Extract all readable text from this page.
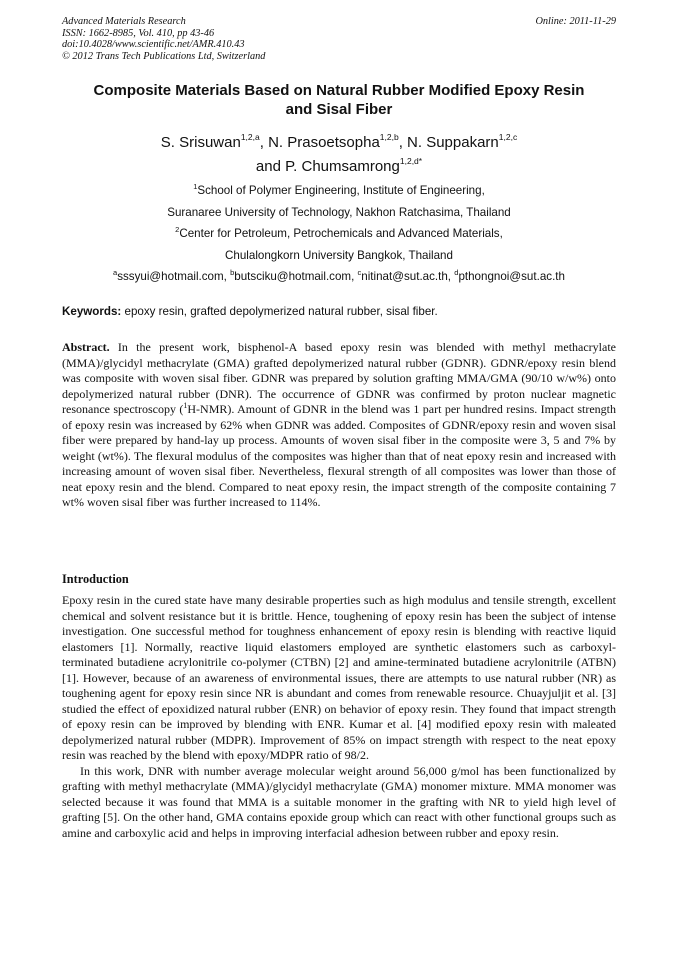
Advanced Materials Research
ISSN: 1662-8985, Vol. 410, pp 43-46
doi:10.4028/www.scientific.net/AMR.410.43
© 2012 Trans Tech Publications Ltd, Switzerland
Online: 2011-11-29
Composite Materials Based on Natural Rubber Modified Epoxy Resin
and Sisal Fiber
S. Srisuwan$^{1,2,a}$, N. Prasoetsopha$^{1,2,b}$, N. Suppakarn$^{1,2,c}$
and P. Chumsamrong$^{1,2,d*}$
$^1$School of Polymer Engineering, Institute of Engineering,
Suranaree University of Technology, Nakhon Ratchasima, Thailand
$^2$Center for Petroleum, Petrochemicals and Advanced Materials,
Chulalongkorn University Bangkok, Thailand
$^a$sssyui@hotmail.com, $^b$butsciku@hotmail.com, $^c$nitinat@sut.ac.th, $^d$pthongnoi@sut.ac.th
Keywords: epoxy resin, grafted depolymerized natural rubber, sisal fiber.
Abstract. In the present work, bisphenol-A based epoxy resin was blended with methyl methacrylate (MMA)/glycidyl methacrylate (GMA) grafted depolymerized natural rubber (GDNR). GDNR/epoxy resin blend was composite with woven sisal fiber. GDNR was prepared by solution grafting MMA/GMA (90/10 w/w%) onto depolymerized natural rubber (DNR). The occurrence of GDNR was confirmed by proton nuclear magnetic resonance spectroscopy ($^1$H-NMR). Amount of GDNR in the blend was 1 part per hundred resins. Impact strength of epoxy resin was increased by 62% when GDNR was added. Composites of GDNR/epoxy resin and woven sisal fiber were prepared by hand-lay up process. Amounts of woven sisal fiber in the composite were 3, 5 and 7% by weight (wt%). The flexural modulus of the composites was higher than that of neat epoxy resin and increased with increasing amount of woven sisal fiber. Nevertheless, flexural strength of all composites was lower than those of neat epoxy resin and the blend. Compared to neat epoxy resin, the impact strength of the composite containing 7 wt% woven sisal fiber was further increased to 114%.
Introduction

Epoxy resin in the cured state have many desirable properties such as high modulus and tensile strength, excellent chemical and solvent resistance but it is brittle. Hence, toughening of epoxy resin has been the subject of intense investigation. One successful method for toughness enhancement of epoxy resin is blending with reactive liquid elastomers [1]. Normally, reactive liquid elastomers employed are synthetic elastomers such as carboxyl-terminated butadiene acrylonitrile co-polymer (CTBN) [2] and amine-terminated butadiene acrylonitrile (ATBN) [1]. However, because of an awareness of environmental issues, there are attempts to use natural rubber (NR) as toughening agent for epoxy resin since NR is abundant and comes from renewable resource. Chuayjuljit et al. [3] studied the effect of epoxidized natural rubber (ENR) on behavior of epoxy resin. They found that impact strength of epoxy resin can be improved by blending with ENR. Kumar et al. [4] modified epoxy resin with maleated depolymerized natural rubber (MDPR). Improvement of 85% on impact strength with respect to the neat epoxy resin was reached by the blend with epoxy/MDPR ratio of 98/2.

In this work, DNR with number average molecular weight around 56,000 g/mol has been functionalized by grafting with methyl methacrylate (MMA)/glycidyl methacrylate (GMA) monomer mixture. MMA monomer was selected because it was found that MMA is a suitable monomer in the grafting with NR to yield high level of grafting [5]. On the other hand, GMA contains epoxide group which can react with other functional groups such as amine and carboxylic acid and helps in improving interfacial adhesion between rubber and epoxy resin.
